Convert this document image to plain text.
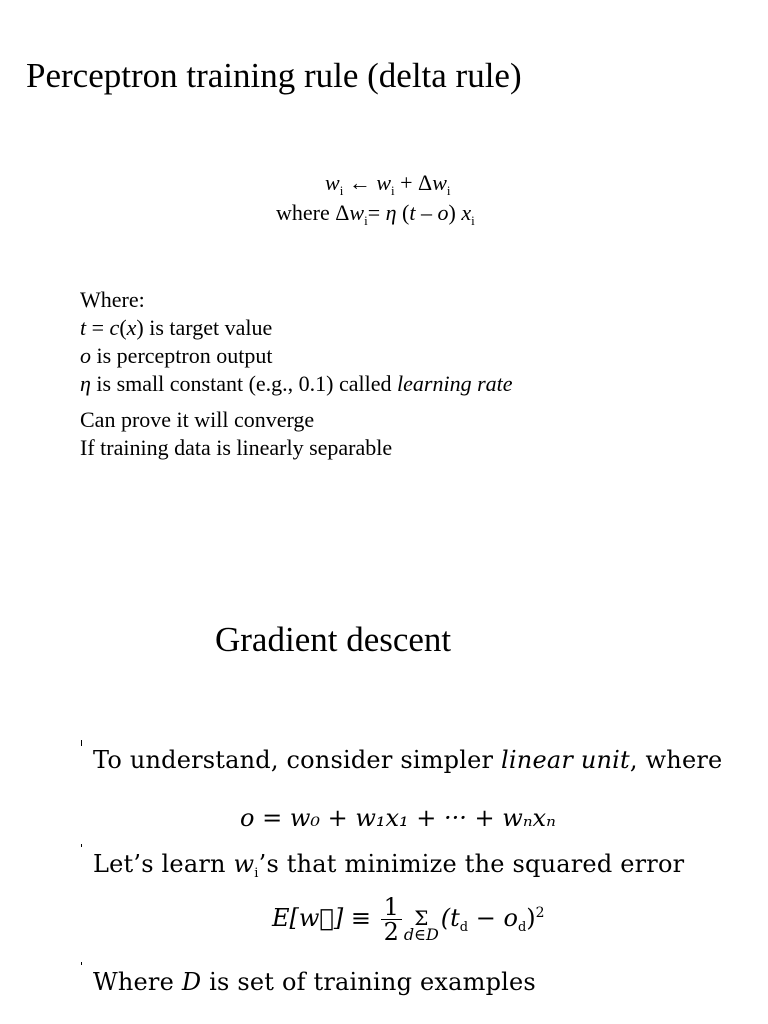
Perceptron training rule (delta rule)
$w_i$ ← $w_i + \Delta w_i$
where $\Delta w_i= \eta$ (t – o) $x_i$
Where:
t = c(x) is target value
o is perceptron output
η is small constant (e.g., 0.1) called learning rate
Can prove it will converge
If training data is linearly separable
Gradient descent
To understand, consider simpler linear unit, where
o = w₀ + w₁x₁ + ··· + wₙxₙ
Let’s learn $w_i’s$ that minimize the squared error
E[w⃗] ≡ $\frac{1}{2}$ Σ
d∈D
$(t_d - o_d)^2$
Where D is set of training examples
